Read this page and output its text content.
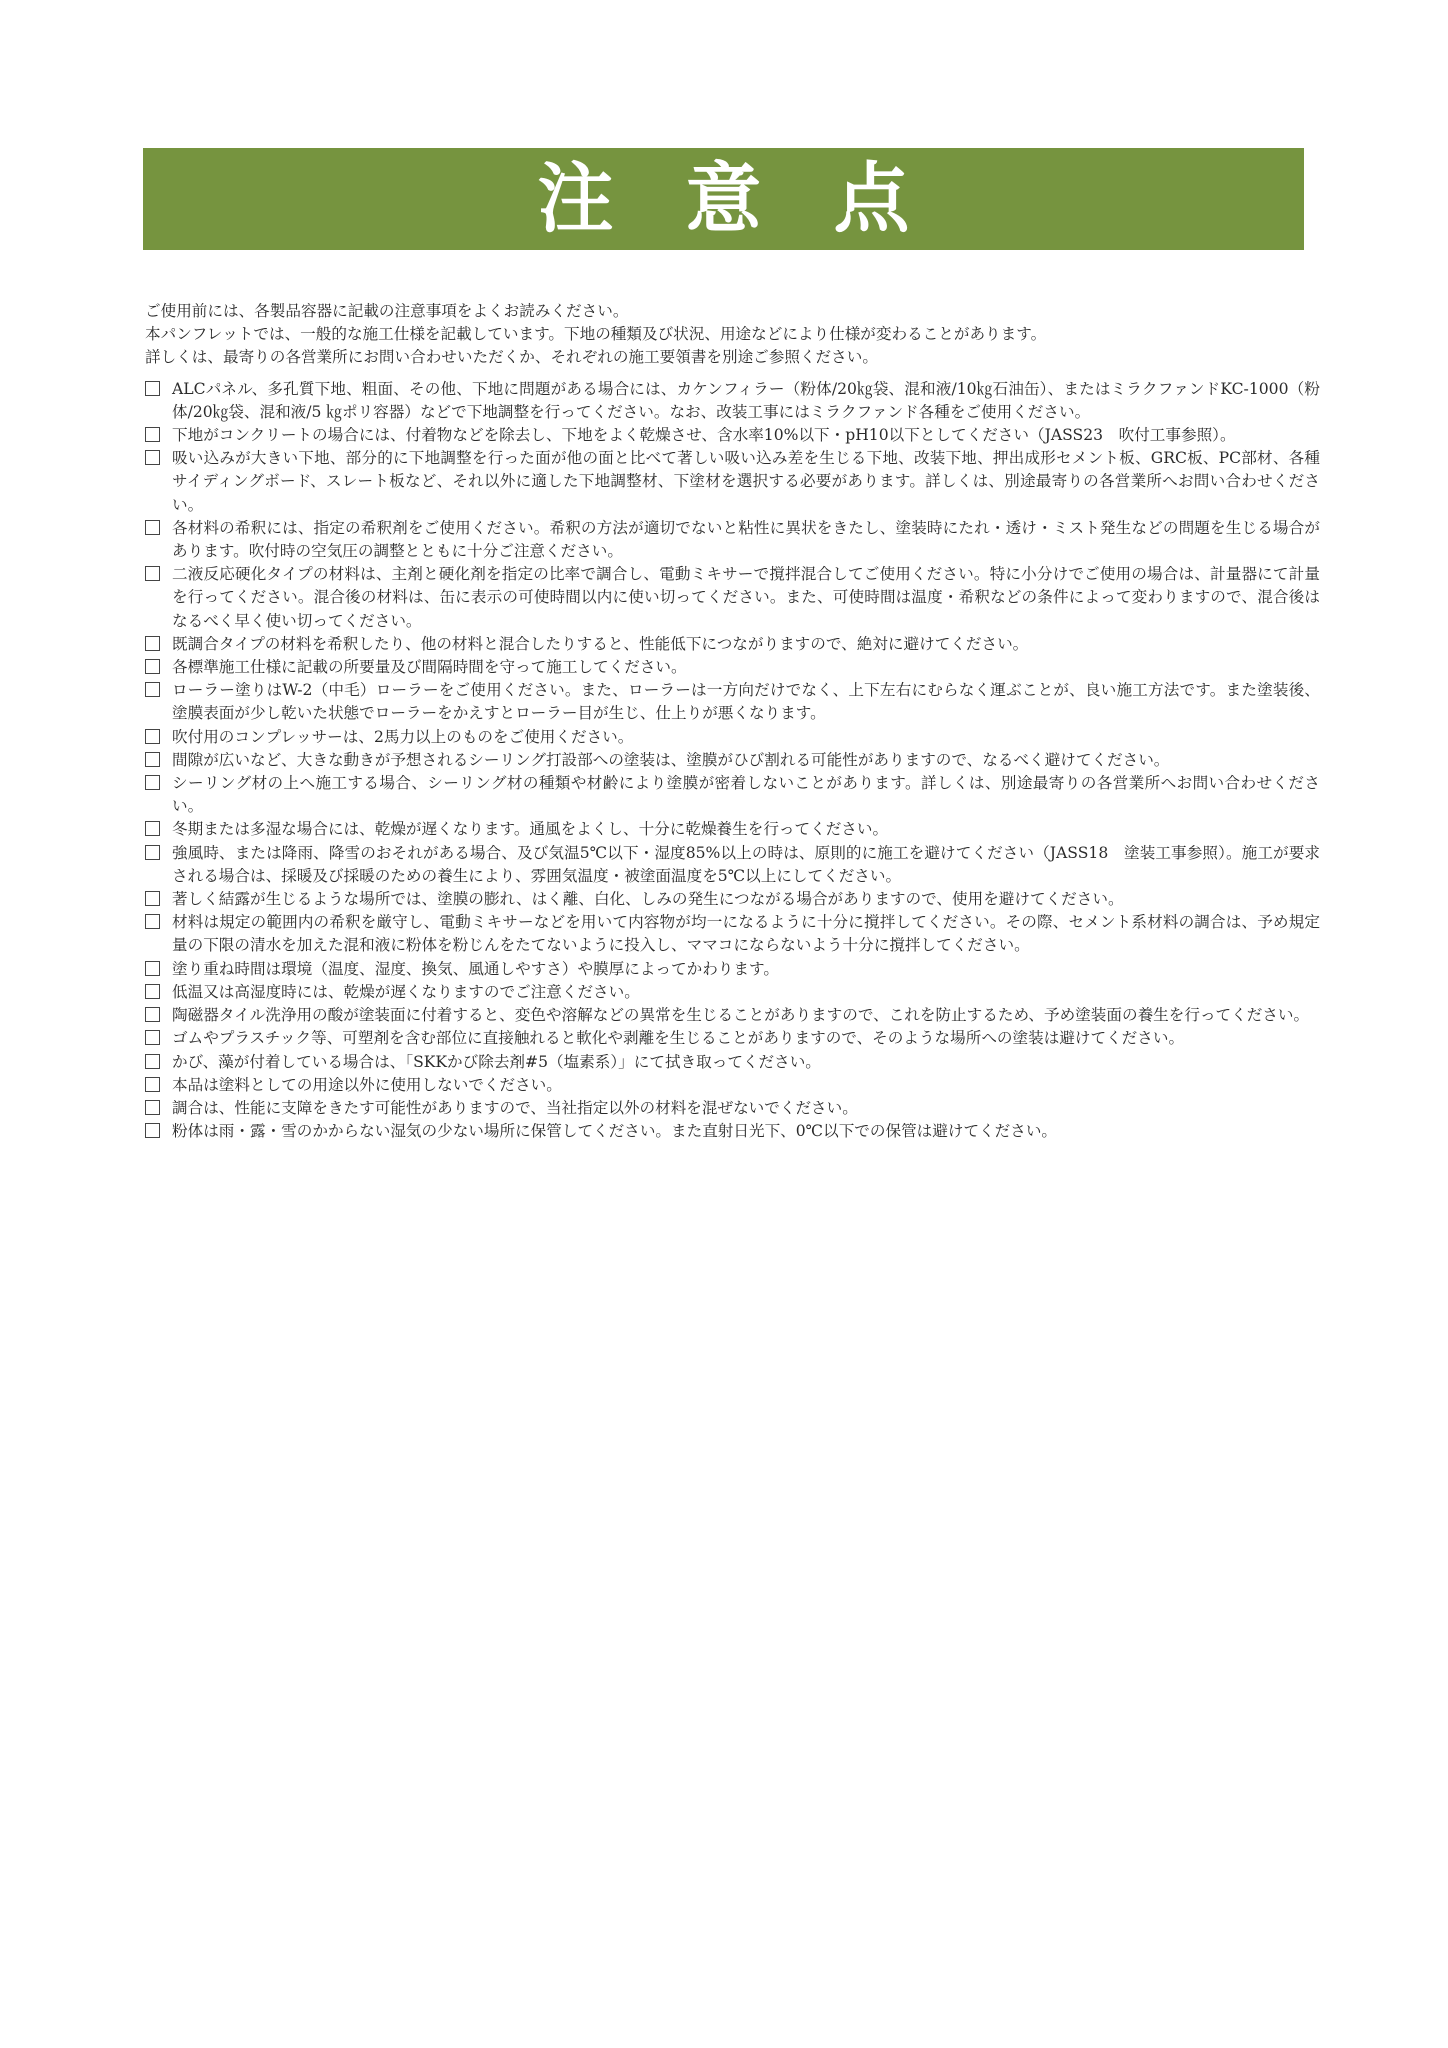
注意点
ご使用前には、各製品容器に記載の注意事項をよくお読みください。
本パンフレットでは、一般的な施工仕様を記載しています。下地の種類及び状況、用途などにより仕様が変わることがあります。
詳しくは、最寄りの各営業所にお問い合わせいただくか、それぞれの施工要領書を別途ご参照ください。
ALCパネル、多孔質下地、粗面、その他、下地に問題がある場合には、カケンフィラー（粉体/20㎏袋、混和液/10㎏石油缶）、またはミラクファンドKC-1000（粉体/20㎏袋、混和液/5 ㎏ポリ容器）などで下地調整を行ってください。なお、改装工事にはミラクファンド各種をご使用ください。
下地がコンクリートの場合には、付着物などを除去し、下地をよく乾燥させ、含水率10%以下・pH10以下としてください（JASS23　吹付工事参照）。
吸い込みが大きい下地、部分的に下地調整を行った面が他の面と比べて著しい吸い込み差を生じる下地、改装下地、押出成形セメント板、GRC板、PC部材、各種サイディングボード、スレート板など、それ以外に適した下地調整材、下塗材を選択する必要があります。詳しくは、別途最寄りの各営業所へお問い合わせください。
各材料の希釈には、指定の希釈剤をご使用ください。希釈の方法が適切でないと粘性に異状をきたし、塗装時にたれ・透け・ミスト発生などの問題を生じる場合があります。吹付時の空気圧の調整とともに十分ご注意ください。
二液反応硬化タイプの材料は、主剤と硬化剤を指定の比率で調合し、電動ミキサーで撹拌混合してご使用ください。特に小分けでご使用の場合は、計量器にて計量を行ってください。混合後の材料は、缶に表示の可使時間以内に使い切ってください。また、可使時間は温度・希釈などの条件によって変わりますので、混合後はなるべく早く使い切ってください。
既調合タイプの材料を希釈したり、他の材料と混合したりすると、性能低下につながりますので、絶対に避けてください。
各標準施工仕様に記載の所要量及び間隔時間を守って施工してください。
ローラー塗りはW-2（中毛）ローラーをご使用ください。また、ローラーは一方向だけでなく、上下左右にむらなく運ぶことが、良い施工方法です。また塗装後、塗膜表面が少し乾いた状態でローラーをかえすとローラー目が生じ、仕上りが悪くなります。
吹付用のコンプレッサーは、2馬力以上のものをご使用ください。
間隙が広いなど、大きな動きが予想されるシーリング打設部への塗装は、塗膜がひび割れる可能性がありますので、なるべく避けてください。
シーリング材の上へ施工する場合、シーリング材の種類や材齢により塗膜が密着しないことがあります。詳しくは、別途最寄りの各営業所へお問い合わせください。
冬期または多湿な場合には、乾燥が遅くなります。通風をよくし、十分に乾燥養生を行ってください。
強風時、または降雨、降雪のおそれがある場合、及び気温5℃以下・湿度85%以上の時は、原則的に施工を避けてください（JASS18　塗装工事参照）。施工が要求される場合は、採暖及び採暖のための養生により、雰囲気温度・被塗面温度を5℃以上にしてください。
著しく結露が生じるような場所では、塗膜の膨れ、はく離、白化、しみの発生につながる場合がありますので、使用を避けてください。
材料は規定の範囲内の希釈を厳守し、電動ミキサーなどを用いて内容物が均一になるように十分に撹拌してください。その際、セメント系材料の調合は、予め規定量の下限の清水を加えた混和液に粉体を粉じんをたてないように投入し、ママコにならないよう十分に撹拌してください。
塗り重ね時間は環境（温度、湿度、換気、風通しやすさ）や膜厚によってかわります。
低温又は高湿度時には、乾燥が遅くなりますのでご注意ください。
陶磁器タイル洗浄用の酸が塗装面に付着すると、変色や溶解などの異常を生じることがありますので、これを防止するため、予め塗装面の養生を行ってください。
ゴムやプラスチック等、可塑剤を含む部位に直接触れると軟化や剥離を生じることがありますので、そのような場所への塗装は避けてください。
かび、藻が付着している場合は、「SKKかび除去剤#5（塩素系）」にて拭き取ってください。
本品は塗料としての用途以外に使用しないでください。
調合は、性能に支障をきたす可能性がありますので、当社指定以外の材料を混ぜないでください。
粉体は雨・露・雪のかからない湿気の少ない場所に保管してください。また直射日光下、0℃以下での保管は避けてください。
